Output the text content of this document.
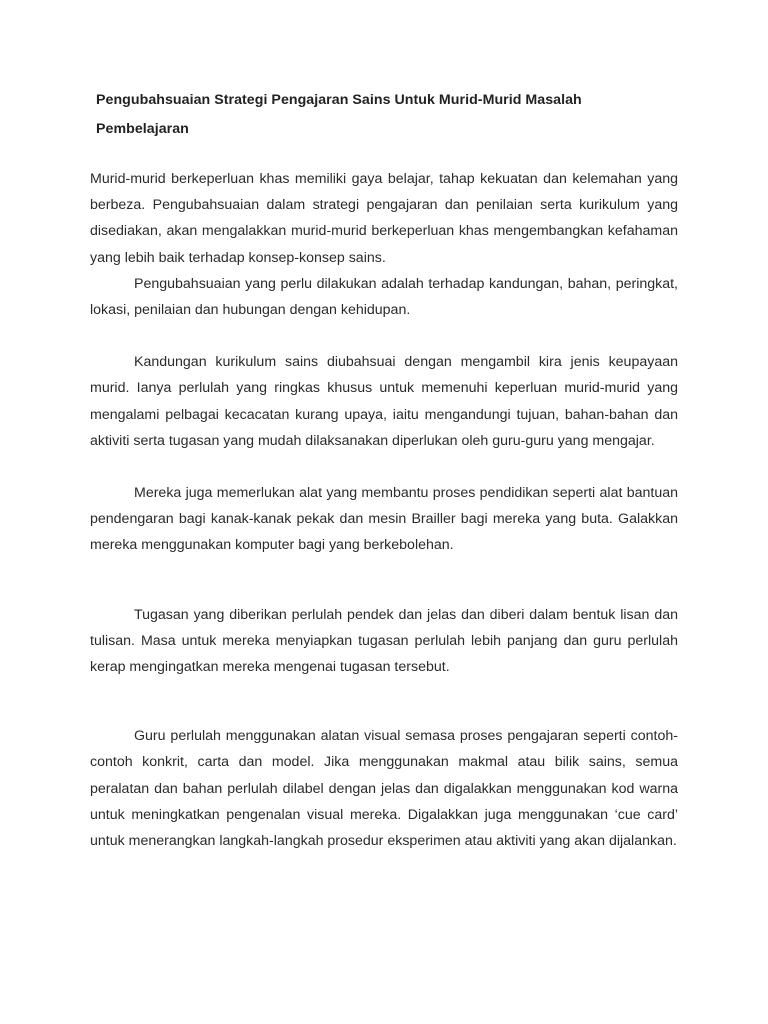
Pengubahsuaian Strategi Pengajaran Sains Untuk Murid-Murid Masalah Pembelajaran

Murid-murid berkeperluan khas memiliki gaya belajar, tahap kekuatan dan kelemahan yang berbeza. Pengubahsuaian dalam strategi pengajaran dan penilaian serta kurikulum yang disediakan, akan mengalakkan murid-murid berkeperluan khas mengembangkan kefahaman yang lebih baik terhadap konsep-konsep sains.

Pengubahsuaian yang perlu dilakukan adalah terhadap kandungan, bahan, peringkat, lokasi, penilaian dan hubungan dengan kehidupan.

Kandungan kurikulum sains diubahsuai dengan mengambil kira jenis keupayaan murid. Ianya perlulah yang ringkas khusus untuk memenuhi keperluan murid-murid yang mengalami pelbagai kecacatan kurang upaya, iaitu mengandungi tujuan, bahan-bahan dan aktiviti serta tugasan yang mudah dilaksanakan diperlukan oleh guru-guru yang mengajar.

Mereka juga memerlukan alat yang membantu proses pendidikan seperti alat bantuan pendengaran bagi kanak-kanak pekak dan mesin Brailler bagi mereka yang buta. Galakkan mereka menggunakan komputer bagi yang berkebolehan.

Tugasan yang diberikan perlulah pendek dan jelas dan diberi dalam bentuk lisan dan tulisan. Masa untuk mereka menyiapkan tugasan perlulah lebih panjang dan guru perlulah kerap mengingatkan mereka mengenai tugasan tersebut.

Guru perlulah menggunakan alatan visual semasa proses pengajaran seperti contoh-contoh konkrit, carta dan model. Jika menggunakan makmal atau bilik sains, semua peralatan dan bahan perlulah dilabel dengan jelas dan digalakkan menggunakan kod warna untuk meningkatkan pengenalan visual mereka. Digalakkan juga menggunakan ‘cue card’ untuk menerangkan langkah-langkah prosedur eksperimen atau aktiviti yang akan dijalankan.
